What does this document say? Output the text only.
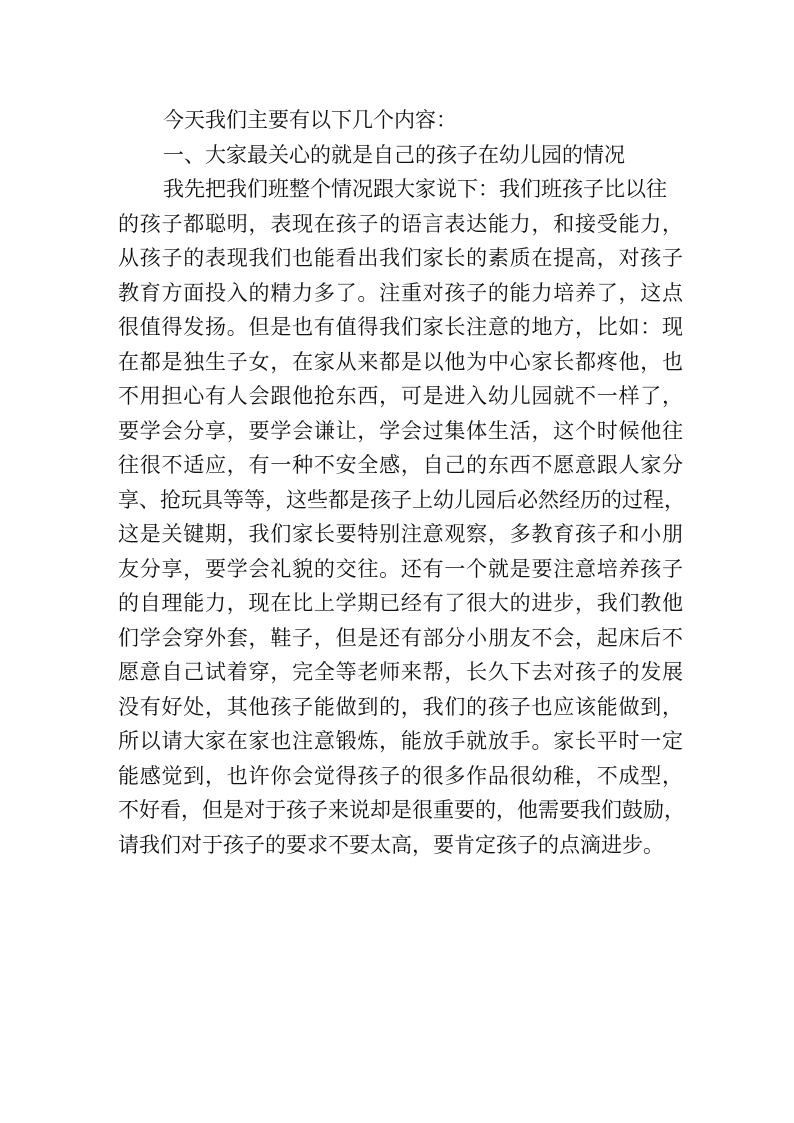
今天我们主要有以下几个内容：
一、大家最关心的就是自己的孩子在幼儿园的情况
我先把我们班整个情况跟大家说下：我们班孩子比以往
的孩子都聪明，表现在孩子的语言表达能力，和接受能力，
从孩子的表现我们也能看出我们家长的素质在提高，对孩子
教育方面投入的精力多了。注重对孩子的能力培养了，这点
很值得发扬。但是也有值得我们家长注意的地方，比如：现
在都是独生子女，在家从来都是以他为中心家长都疼他，也
不用担心有人会跟他抢东西，可是进入幼儿园就不一样了，
要学会分享，要学会谦让，学会过集体生活，这个时候他往
往很不适应，有一种不安全感，自己的东西不愿意跟人家分
享、抢玩具等等，这些都是孩子上幼儿园后必然经历的过程，
这是关键期，我们家长要特别注意观察，多教育孩子和小朋
友分享，要学会礼貌的交往。还有一个就是要注意培养孩子
的自理能力，现在比上学期已经有了很大的进步，我们教他
们学会穿外套，鞋子，但是还有部分小朋友不会，起床后不
愿意自己试着穿，完全等老师来帮，长久下去对孩子的发展
没有好处，其他孩子能做到的，我们的孩子也应该能做到，
所以请大家在家也注意锻炼，能放手就放手。家长平时一定
能感觉到，也许你会觉得孩子的很多作品很幼稚，不成型，
不好看，但是对于孩子来说却是很重要的，他需要我们鼓励，
请我们对于孩子的要求不要太高，要肯定孩子的点滴进步。
